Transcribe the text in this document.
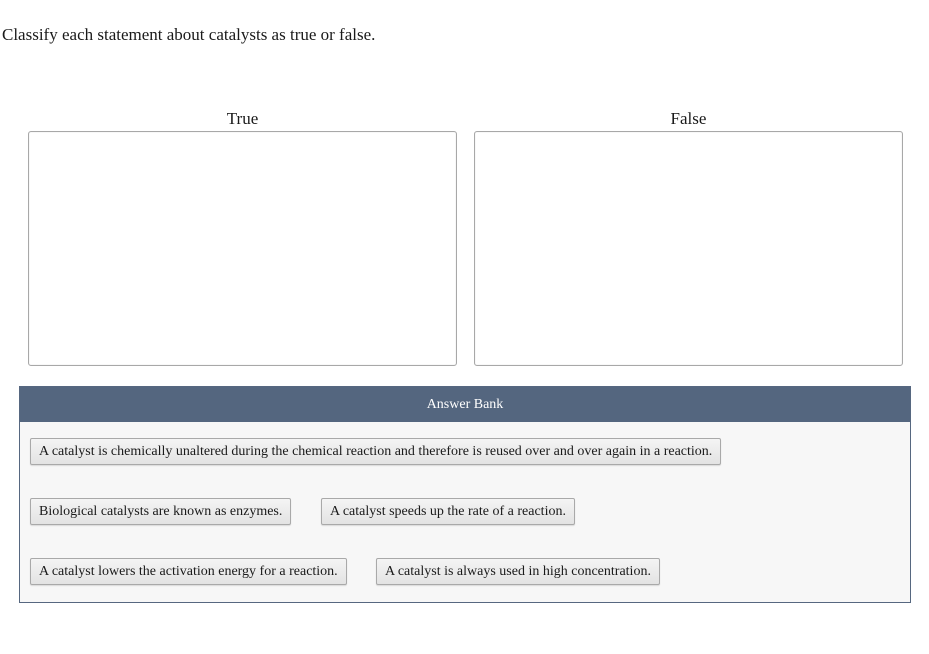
Classify each statement about catalysts as true or false.
True	False
Answer Bank
A catalyst is chemically unaltered during the chemical reaction and therefore is reused over and over again in a reaction.
Biological catalysts are known as enzymes.	A catalyst speeds up the rate of a reaction.
A catalyst lowers the activation energy for a reaction.	A catalyst is always used in high concentration.
